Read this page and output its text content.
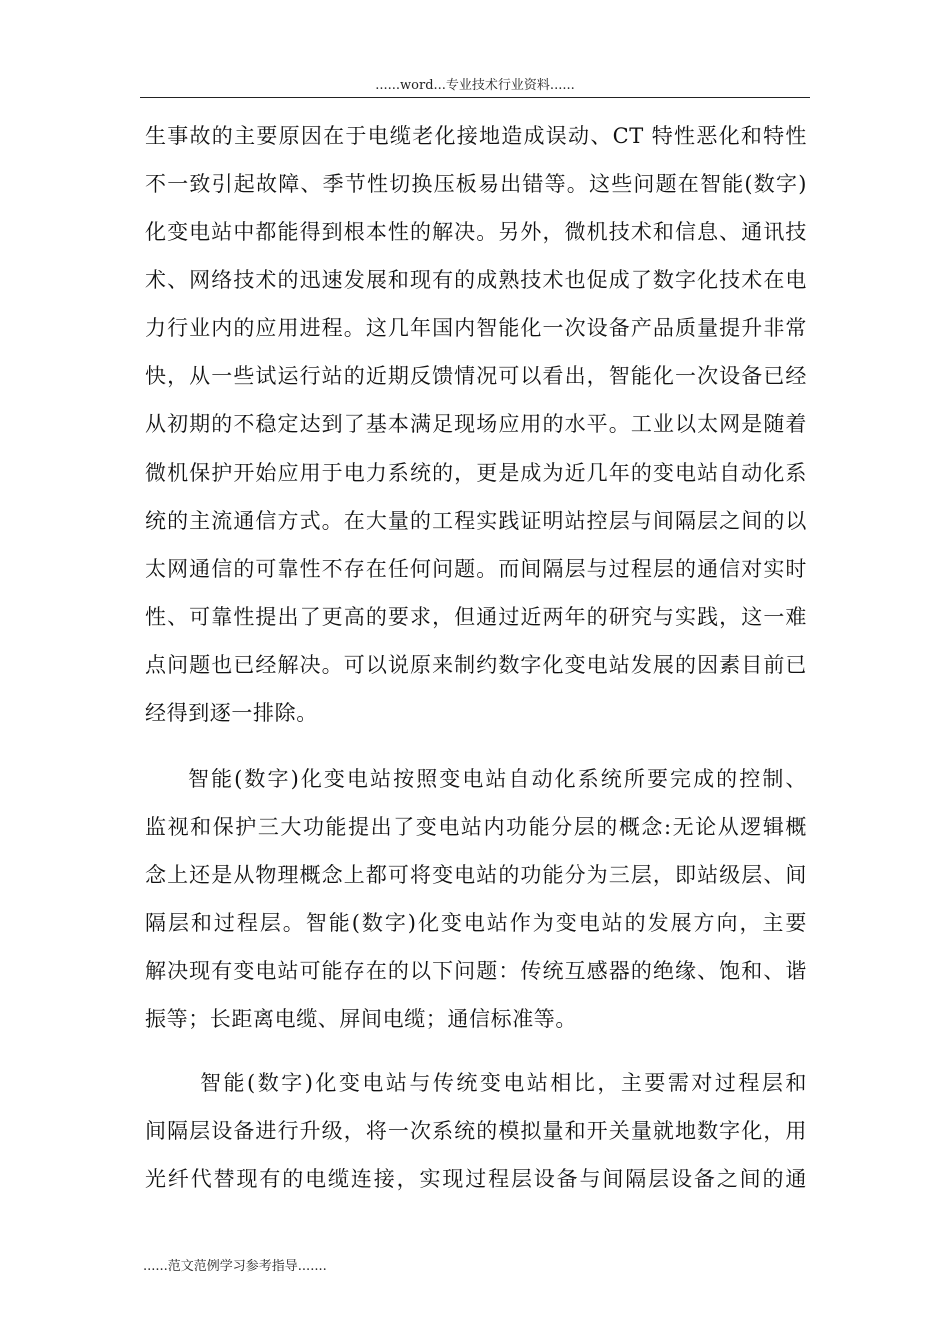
......word...专业技术行业资料......
生事故的主要原因在于电缆老化接地造成误动、CT 特性恶化和特性
不一致引起故障、季节性切换压板易出错等。这些问题在智能(数字)
化变电站中都能得到根本性的解决。另外，微机技术和信息、通讯技
术、网络技术的迅速发展和现有的成熟技术也促成了数字化技术在电
力行业内的应用进程。这几年国内智能化一次设备产品质量提升非常
快，从一些试运行站的近期反馈情况可以看出，智能化一次设备已经
从初期的不稳定达到了基本满足现场应用的水平。工业以太网是随着
微机保护开始应用于电力系统的，更是成为近几年的变电站自动化系
统的主流通信方式。在大量的工程实践证明站控层与间隔层之间的以
太网通信的可靠性不存在任何问题。而间隔层与过程层的通信对实时
性、可靠性提出了更高的要求，但通过近两年的研究与实践，这一难
点问题也已经解决。可以说原来制约数字化变电站发展的因素目前已
经得到逐一排除。
智能(数字)化变电站按照变电站自动化系统所要完成的控制、
监视和保护三大功能提出了变电站内功能分层的概念:无论从逻辑概
念上还是从物理概念上都可将变电站的功能分为三层，即站级层、间
隔层和过程层。智能(数字)化变电站作为变电站的发展方向，主要
解决现有变电站可能存在的以下问题：传统互感器的绝缘、饱和、谐
振等；长距离电缆、屏间电缆；通信标准等。
智能(数字)化变电站与传统变电站相比，主要需对过程层和
间隔层设备进行升级，将一次系统的模拟量和开关量就地数字化，用
光纤代替现有的电缆连接，实现过程层设备与间隔层设备之间的通
......范文范例学习参考指导.......
